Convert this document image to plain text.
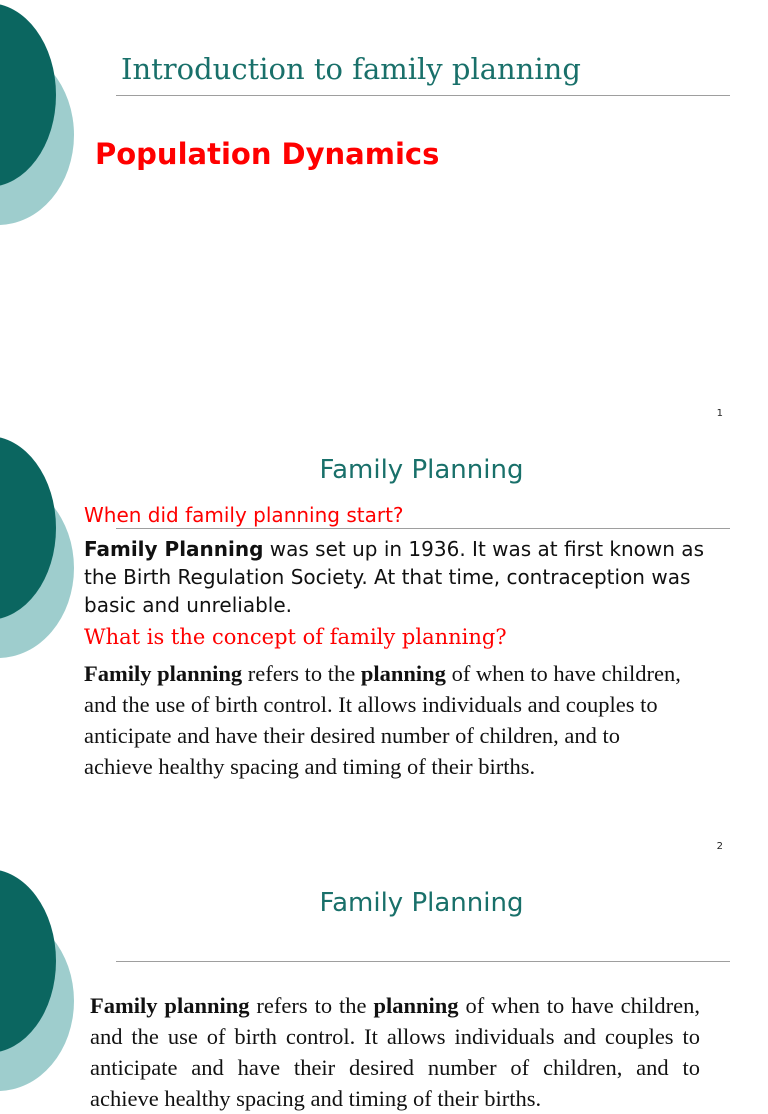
Introduction to family planning
Population Dynamics
1
Family Planning
When did family planning start?
Family Planning was set up in 1936. It was at first known as the Birth Regulation Society. At that time, contraception was basic and unreliable.
What is the concept of family planning?
Family planning refers to the planning of when to have children, and the use of birth control. It allows individuals and couples to anticipate and have their desired number of children, and to achieve healthy spacing and timing of their births.
2
Family Planning
Family planning refers to the planning of when to have children, and the use of birth control. It allows individuals and couples to anticipate and have their desired number of children, and to achieve healthy spacing and timing of their births.
